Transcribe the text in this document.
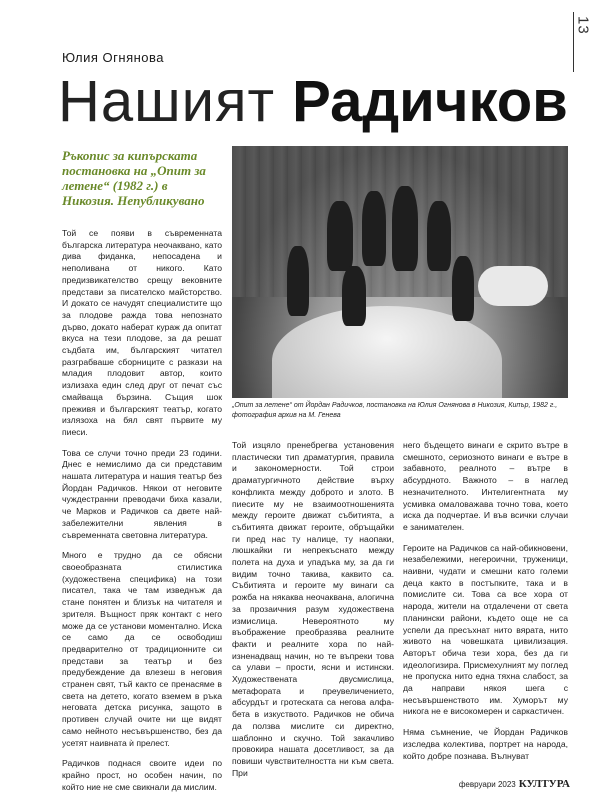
13
Юлия Огнянова
Нашият Радичков
Ръкопис за кипърската постановка на „Опит за летене“ (1982 г.) в Никозия. Непубликувано
„Опит за летене“ от Йордан Радичков, постановка на Юлия Огнянова в Никозия, Кипър, 1982 г., фотография архив на М. Генева

Той се появи в съвременната българска литература неочаквано, като дива фиданка, непосадена и неполивана от никого. Като предизвикателство срещу вековните представи за писателско майсторство. И докато се начудят специалистите що за плодове ражда това непознато дърво, докато наберат кураж да опитат вкуса на тези плодове, за да решат съдбата им, българският читател разграбваше сборниците с разкази на младия плодовит автор, които излизаха един след друг от печат със смайваща бързина. Същия шок преживя и българският театър, когато излязоха на бял свят първите му пиеси.

Това се случи точно преди 23 години. Днес е немислимо да си представим нашата литература и нашия театър без Йордан Радичков. Някои от неговите чуждестранни преводачи биха казали, че Марков и Радичков са двете най-забележителни явления в съвременната световна литература.

Много е трудно да се обясни своеобразната стилистика (художествена специфика) на този писател, така че там изведнъж да стане понятен и близък на читателя и зрителя. Въщност пряк контакт с него може да се установи моментално. Иска се само да се освободиш предварително от традиционните си представи за театър и без предубеждение да влезеш в неговия странен свят, тъй както се пренасяме в света на детето, когато вземем в ръка неговата детска рисунка, защото в противен случай очите ни ще видят само нейното несъвършенство, без да усетят наивната ѝ прелест.

Радичков поднася своите идеи по крайно прост, но особен начин, по който ние не сме свикнали да мислим.

Той изцяло пренебрегва установения пластически тип драматургия, правила и закономерности. Той строи драматургичното действие върху конфликта между доброто и злото. В пиесите му не взаимоотношенията между героите движат събитията, а събитията движат героите, обръщайки ги пред нас ту налице, ту наопаки, люшкайки ги непрекъснато между полета на духа и упадъка му, за да ги видим точно такива, каквито са. Събитията и героите му винаги са рожба на някаква неочаквана, алогична за прозаичния разум художествена измислица. Невероятното му въображение преобразява реалните факти и реалните хора по най-изненадващ начин, но те въпреки това са улави – прости, ясни и истински. Художествената двусмислица, метафората и преувеличението, абсурдът и гротеската са негова алфа-бета в изкуството. Радичков не обича да ползва мислите си директно, шаблонно и скучно. Той закачливо провокира нашата досетливост, за да повиши чувствителността ни към света. При

него бъдещето винаги е скрито вътре в смешното, сериозното винаги е вътре в забавното, реалното – вътре в абсурдното. Важното – в наглед незначителното. Интелигентната му усмивка омаловажава точно това, което иска да подчертае. И във всички случаи е занимателен.

Героите на Радичков са най-обикновени, незабележими, негероични, труженици, наивни, чудати и смешни като големи деца както в постъпките, така и в помислите си. Това са все хора от народа, жители на отдалечени от света планински райони, където още не са успели да пресъхнат нито вярата, нито живото на човешката цивилизация. Авторът обича тези хора, без да ги идеологизира. Присмехулният му поглед не пропуска нито една тяхна слабост, за да направи някоя шега с несъвършенството им. Хуморът му никога не е високомерен и саркастичен.

Няма съмнение, че Йордан Радичков изследва колектива, портрет на народа, който добре познава. Вълнуват

февруари 2023 КУЛТУРА
